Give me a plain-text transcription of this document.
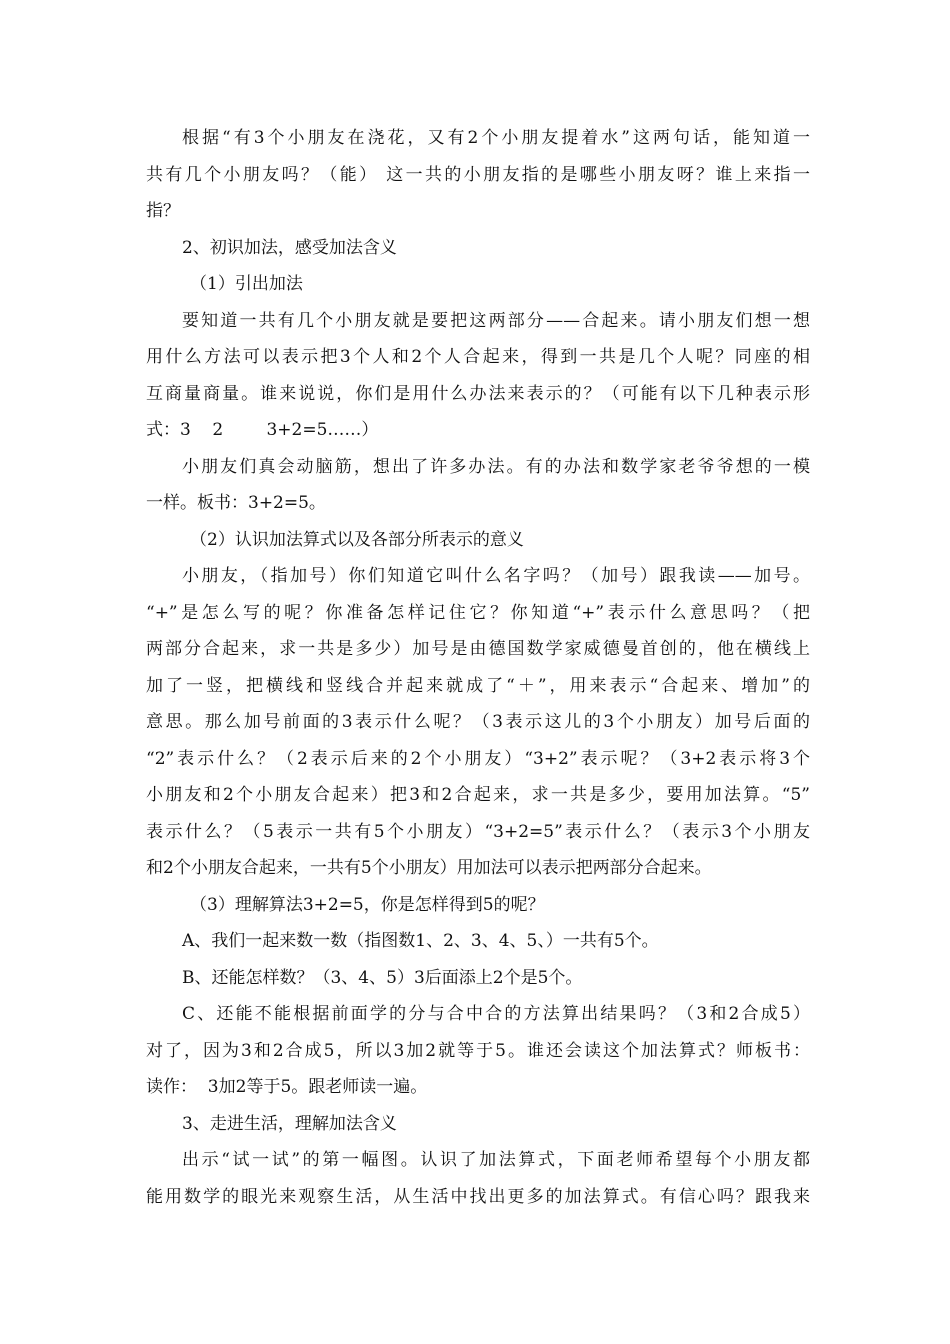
根据“有3个小朋友在浇花，又有2个小朋友提着水”这两句话，能知道一
共有几个小朋友吗？（能） 这一共的小朋友指的是哪些小朋友呀？谁上来指一
指？
2、初识加法，感受加法含义
（1）引出加法
要知道一共有几个小朋友就是要把这两部分——合起来。请小朋友们想一想
用什么方法可以表示把3个人和2个人合起来，得到一共是几个人呢？同座的相
互商量商量。谁来说说，你们是用什么办法来表示的？（可能有以下几种表示形
式：3    2        3+2=5……）
小朋友们真会动脑筋，想出了许多办法。有的办法和数学家老爷爷想的一模
一样。板书：3+2=5。
（2）认识加法算式以及各部分所表示的意义
小朋友，（指加号）你们知道它叫什么名字吗？（加号）跟我读——加号。
“+”是怎么写的呢？你准备怎样记住它？你知道“+”表示什么意思吗？（把
两部分合起来，求一共是多少）加号是由德国数学家威德曼首创的，他在横线上
加了一竖，把横线和竖线合并起来就成了“＋”，用来表示“合起来、增加”的
意思。那么加号前面的3表示什么呢？（3表示这儿的3个小朋友）加号后面的
“2”表示什么？（2表示后来的2个小朋友）“3+2”表示呢？（3+2表示将3个
小朋友和2个小朋友合起来）把3和2合起来，求一共是多少，要用加法算。“5”
表示什么？（5表示一共有5个小朋友）“3+2=5”表示什么？（表示3个小朋友
和2个小朋友合起来，一共有5个小朋友）用加法可以表示把两部分合起来。
（3）理解算法3+2=5，你是怎样得到5的呢？
A、我们一起来数一数（指图数1、2、3、4、5、）一共有5个。
B、还能怎样数？（3、4、5）3后面添上2个是5个。
C、还能不能根据前面学的分与合中合的方法算出结果吗？（3和2合成5）
对了，因为3和2合成5，所以3加2就等于5。谁还会读这个加法算式？师板书：
读作：  3加2等于5。跟老师读一遍。
3、走进生活，理解加法含义
出示“试一试”的第一幅图。认识了加法算式，下面老师希望每个小朋友都
能用数学的眼光来观察生活，从生活中找出更多的加法算式。有信心吗？跟我来
